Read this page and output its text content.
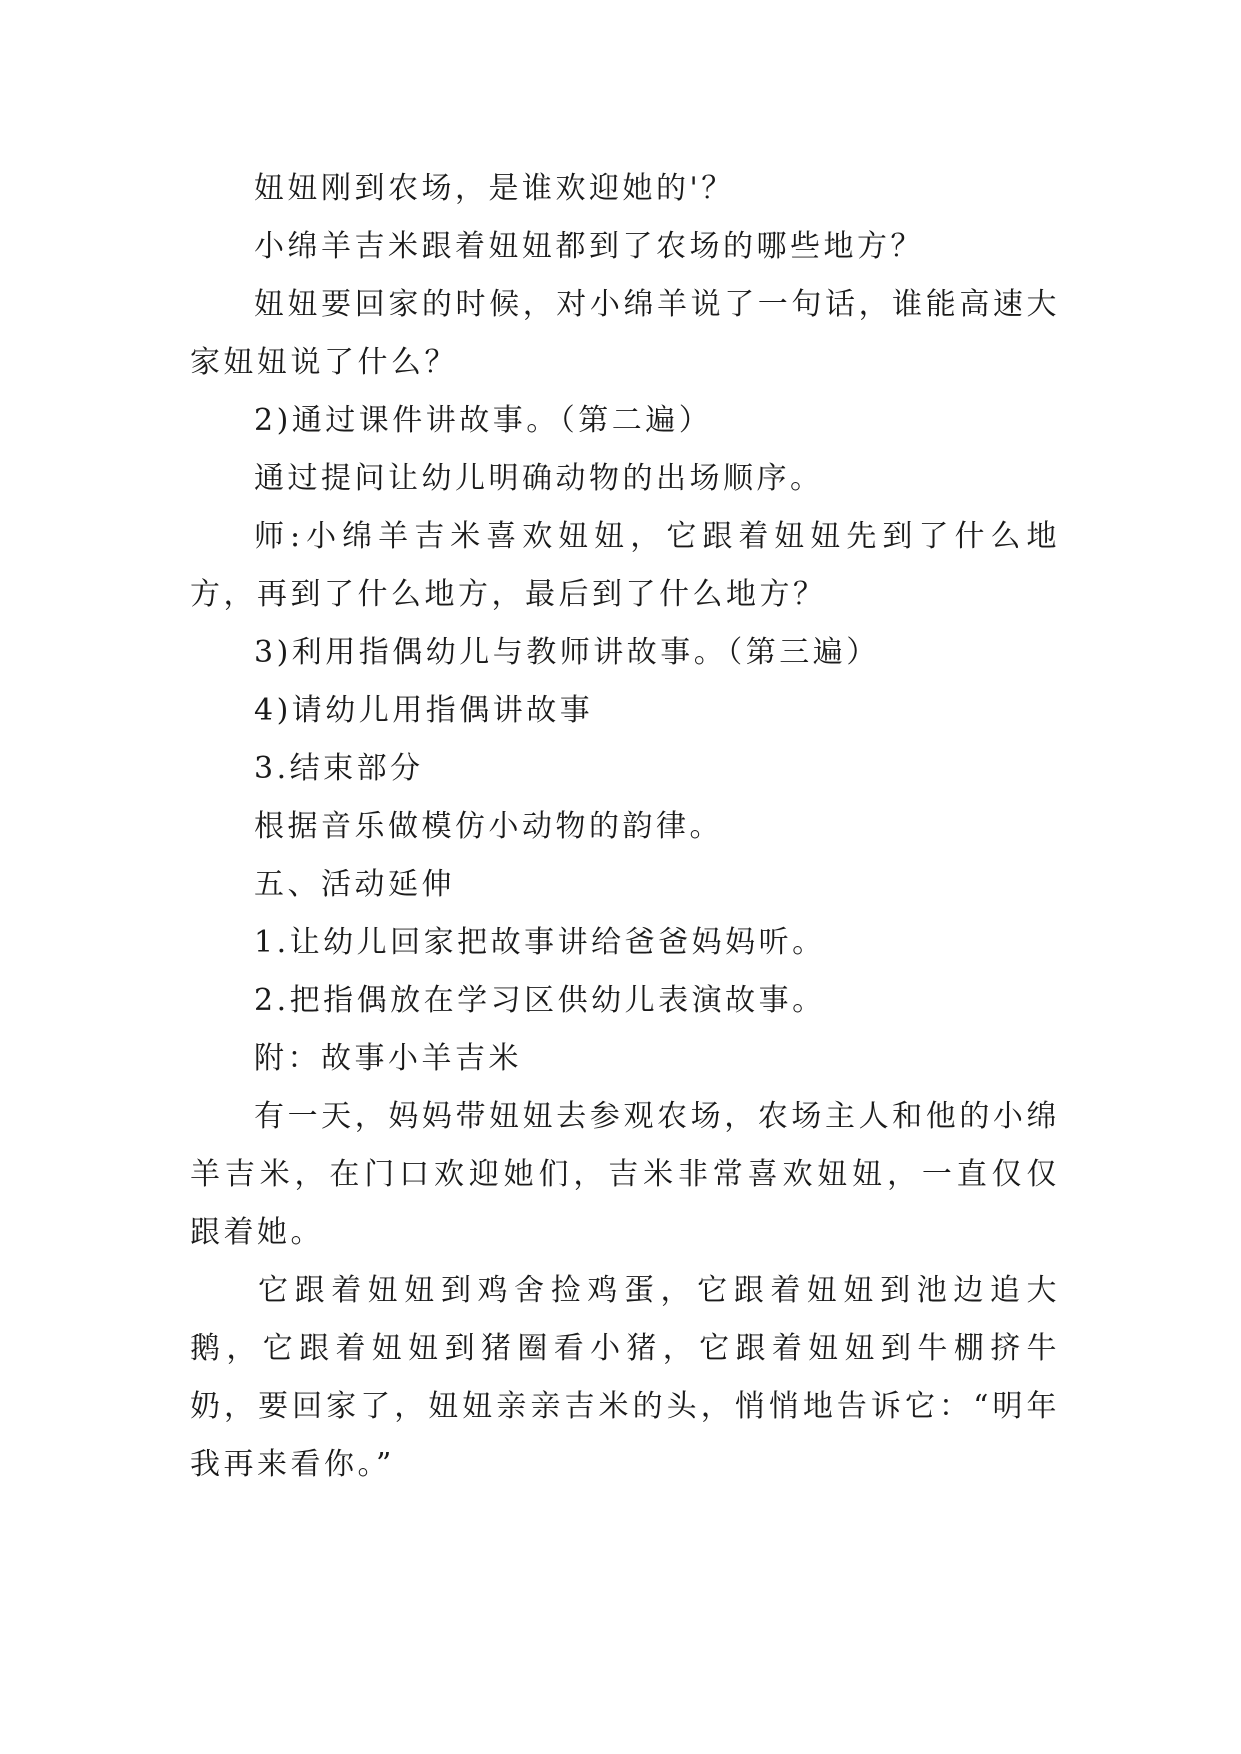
妞妞刚到农场，是谁欢迎她的'？

小绵羊吉米跟着妞妞都到了农场的哪些地方？

妞妞要回家的时候，对小绵羊说了一句话，谁能高速大家妞妞说了什么？

2)通过课件讲故事。（第二遍）

通过提问让幼儿明确动物的出场顺序。

师:小绵羊吉米喜欢妞妞，它跟着妞妞先到了什么地方，再到了什么地方，最后到了什么地方？

3)利用指偶幼儿与教师讲故事。（第三遍）

4)请幼儿用指偶讲故事

3.结束部分

根据音乐做模仿小动物的韵律。

五、活动延伸

1.让幼儿回家把故事讲给爸爸妈妈听。

2.把指偶放在学习区供幼儿表演故事。

附：故事小羊吉米

有一天，妈妈带妞妞去参观农场，农场主人和他的小绵羊吉米，在门口欢迎她们，吉米非常喜欢妞妞，一直仅仅跟着她。

它跟着妞妞到鸡舍捡鸡蛋，它跟着妞妞到池边追大鹅，它跟着妞妞到猪圈看小猪，它跟着妞妞到牛棚挤牛奶，要回家了，妞妞亲亲吉米的头，悄悄地告诉它：“明年我再来看你。”
